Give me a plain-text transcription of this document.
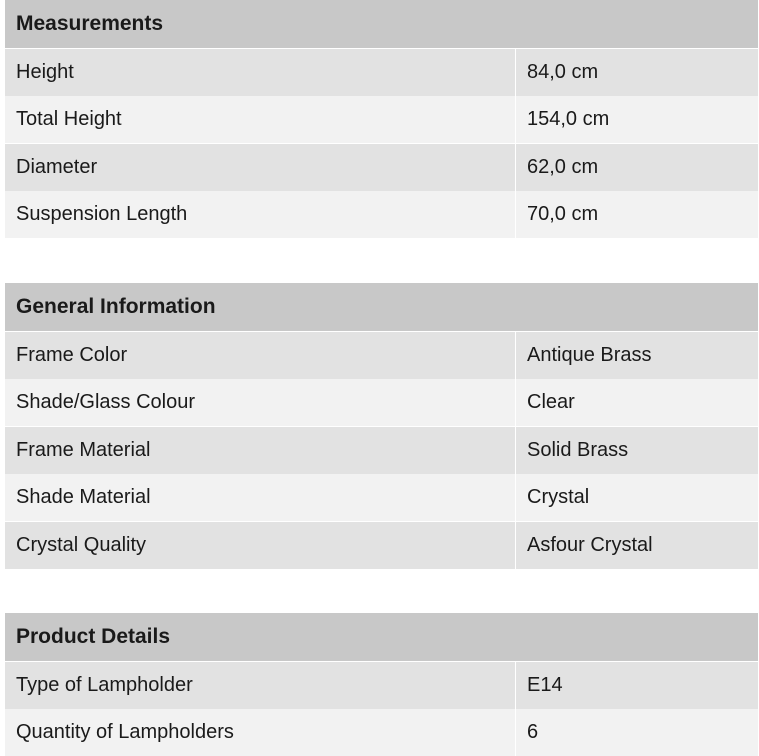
Measurements
Height	84,0 cm
Total Height	154,0 cm
Diameter	62,0 cm
Suspension Length	70,0 cm
General Information
Frame Color	Antique Brass
Shade/Glass Colour	Clear
Frame Material	Solid Brass
Shade Material	Crystal
Crystal Quality	Asfour Crystal
Product Details
Type of Lampholder	E14
Quantity of Lampholders	6
